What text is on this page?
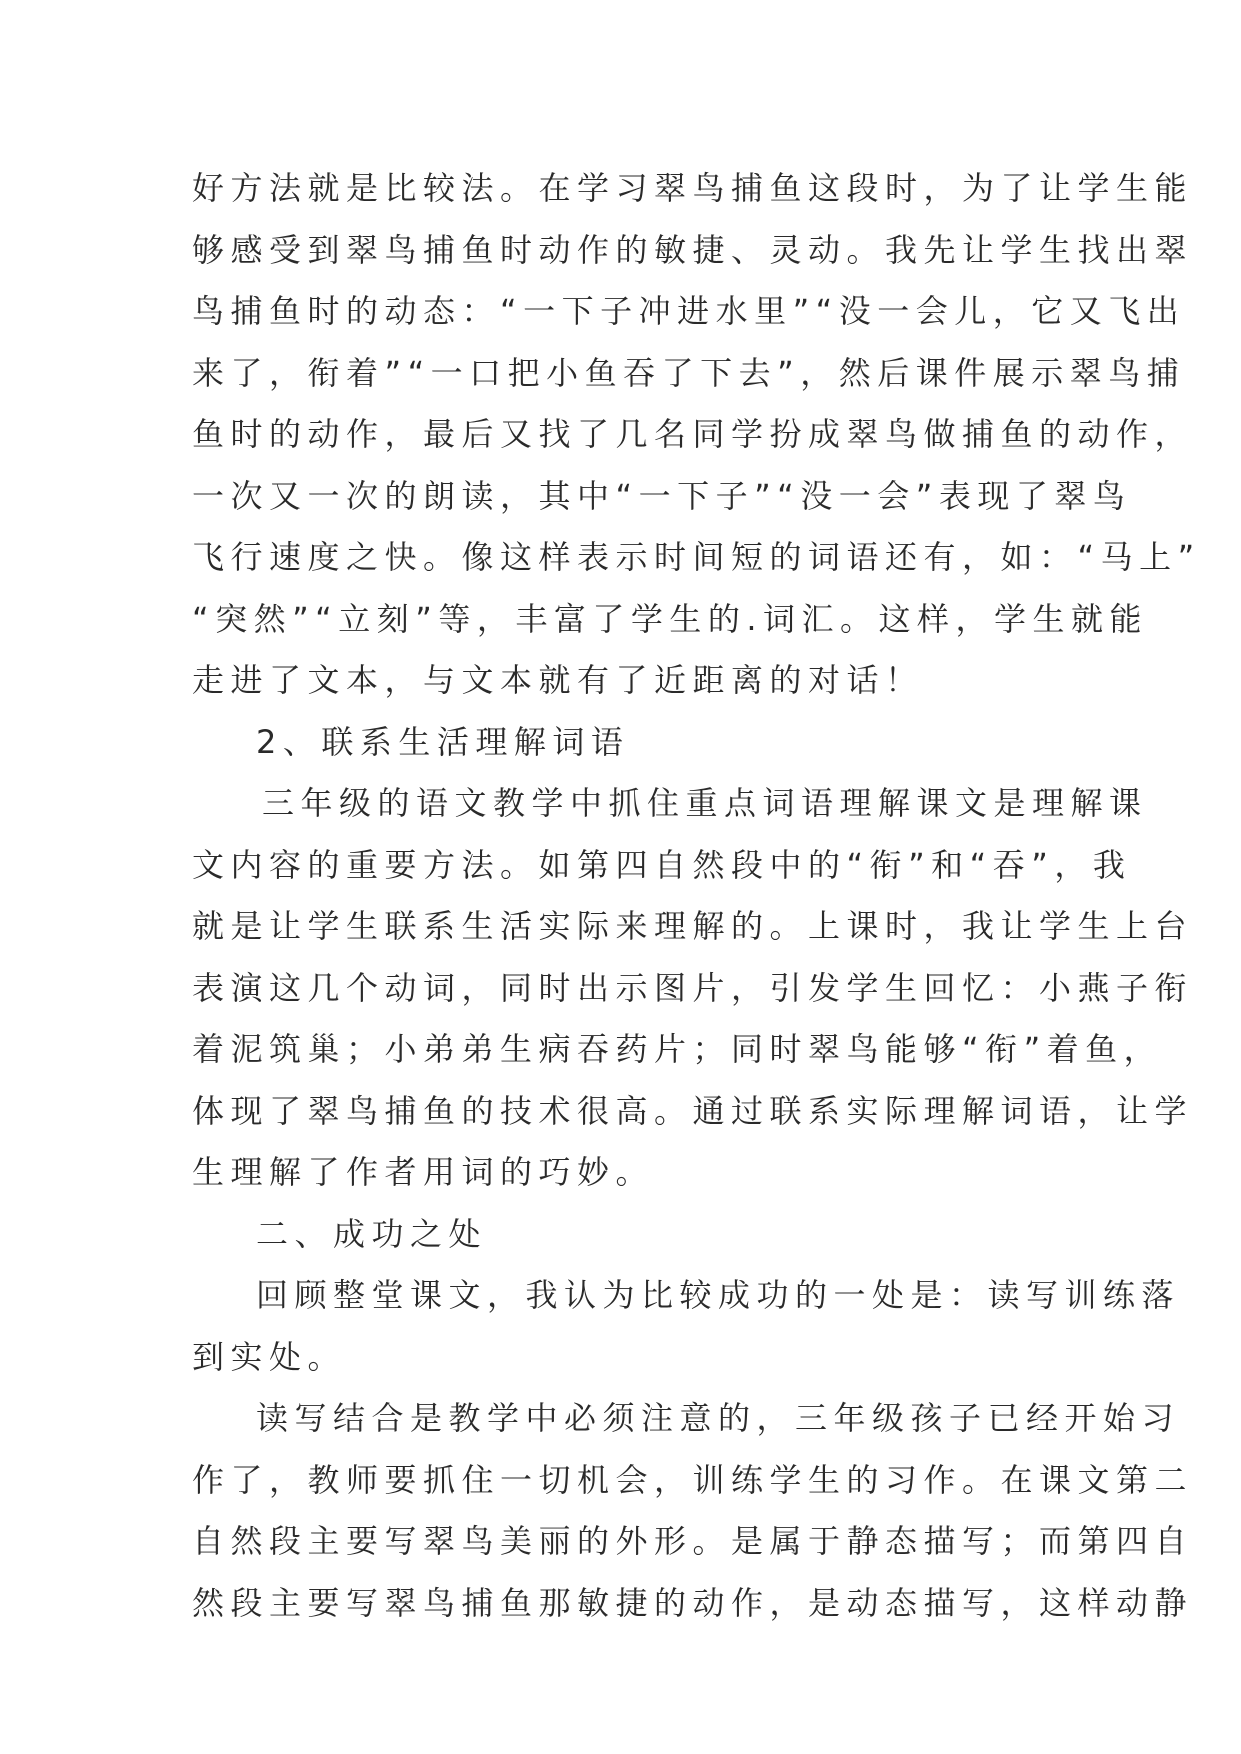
好方法就是比较法。在学习翠鸟捕鱼这段时，为了让学生能
够感受到翠鸟捕鱼时动作的敏捷、灵动。我先让学生找出翠
鸟捕鱼时的动态：“一下子冲进水里”“没一会儿，它又飞出
来了，衔着”“一口把小鱼吞了下去”，然后课件展示翠鸟捕
鱼时的动作，最后又找了几名同学扮成翠鸟做捕鱼的动作，
一次又一次的朗读，其中“一下子”“没一会”表现了翠鸟
飞行速度之快。像这样表示时间短的词语还有，如：“马上”
“突然”“立刻”等，丰富了学生的.词汇。这样，学生就能
走进了文本，与文本就有了近距离的对话！
2、联系生活理解词语
三年级的语文教学中抓住重点词语理解课文是理解课
文内容的重要方法。如第四自然段中的“衔”和“吞”，我
就是让学生联系生活实际来理解的。上课时，我让学生上台
表演这几个动词，同时出示图片，引发学生回忆：小燕子衔
着泥筑巢；小弟弟生病吞药片；同时翠鸟能够“衔”着鱼，
体现了翠鸟捕鱼的技术很高。通过联系实际理解词语，让学
生理解了作者用词的巧妙。
二、成功之处
回顾整堂课文，我认为比较成功的一处是：读写训练落
到实处。
读写结合是教学中必须注意的，三年级孩子已经开始习
作了，教师要抓住一切机会，训练学生的习作。在课文第二
自然段主要写翠鸟美丽的外形。是属于静态描写；而第四自
然段主要写翠鸟捕鱼那敏捷的动作，是动态描写，这样动静
